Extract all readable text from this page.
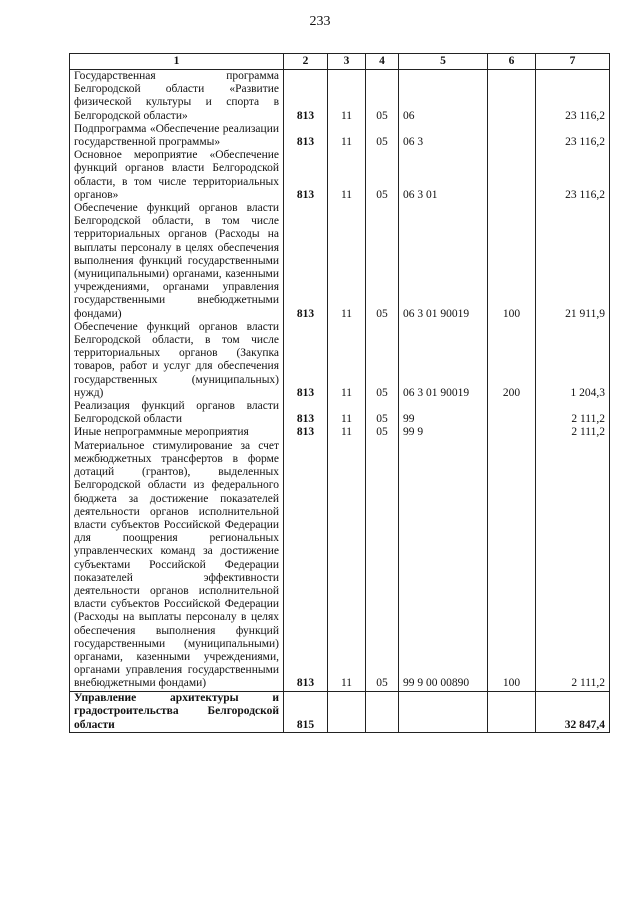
233
1	2	3	4	5	6	7
Государственная программа Белгородской области «Развитие физической культуры и спорта в Белгородской области»	813	11	05	06		23 116,2
Подпрограмма «Обеспечение реализации государственной программы»	813	11	05	06 3		23 116,2
Основное мероприятие «Обеспечение функций органов власти Белгородской области, в том числе территориальных органов»	813	11	05	06 3 01		23 116,2
Обеспечение функций органов власти Белгородской области, в том числе территориальных органов (Расходы на выплаты персоналу в целях обеспечения выполнения функций государственными (муниципальными) органами, казенными учреждениями, органами управления государственными внебюджетными фондами)	813	11	05	06 3 01 90019	100	21 911,9
Обеспечение функций органов власти Белгородской области, в том числе территориальных органов (Закупка товаров, работ и услуг для обеспечения государственных (муниципальных) нужд)	813	11	05	06 3 01 90019	200	1 204,3
Реализация функций органов власти Белгородской области	813	11	05	99		2 111,2
Иные непрограммные мероприятия	813	11	05	99 9		2 111,2
Материальное стимулирование за счет межбюджетных трансфертов в форме дотаций (грантов), выделенных Белгородской области из федерального бюджета за достижение показателей деятельности органов исполнительной власти субъектов Российской Федерации для поощрения региональных управленческих команд за достижение субъектами Российской Федерации показателей эффективности деятельности органов исполнительной власти субъектов Российской Федерации (Расходы на выплаты персоналу в целях обеспечения выполнения функций государственными (муниципальными) органами, казенными учреждениями, органами управления государственными внебюджетными фондами)	813	11	05	99 9 00 00890	100	2 111,2
Управление архитектуры и градостроительства Белгородской области	815					32 847,4
